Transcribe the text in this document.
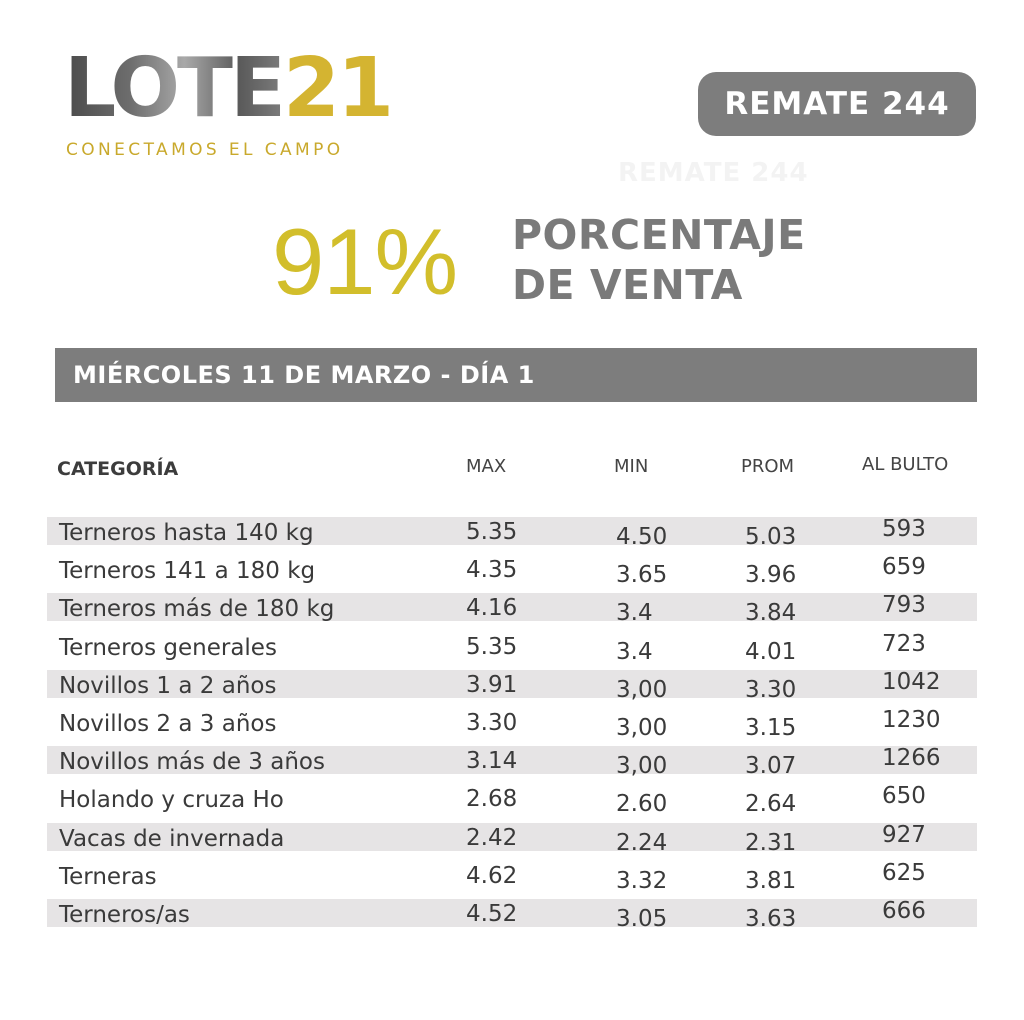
LOTE21
CONECTAMOS EL CAMPO
REMATE 244
REMATE 244
91% PORCENTAJE
DE VENTA
MIÉRCOLES 11 DE MARZO - DÍA 1
CATEGORÍA	MAX	MIN	PROM	AL BULTO
Terneros hasta 140 kg	5.35	4.50	5.03	593
Terneros 141 a 180 kg	4.35	3.65	3.96	659
Terneros más de 180 kg	4.16	3.4	3.84	793
Terneros generales	5.35	3.4	4.01	723
Novillos 1 a 2 años	3.91	3,00	3.30	1042
Novillos 2 a 3 años	3.30	3,00	3.15	1230
Novillos más de 3 años	3.14	3,00	3.07	1266
Holando y cruza Ho	2.68	2.60	2.64	650
Vacas de invernada	2.42	2.24	2.31	927
Terneras	4.62	3.32	3.81	625
Terneros/as	4.52	3.05	3.63	666
